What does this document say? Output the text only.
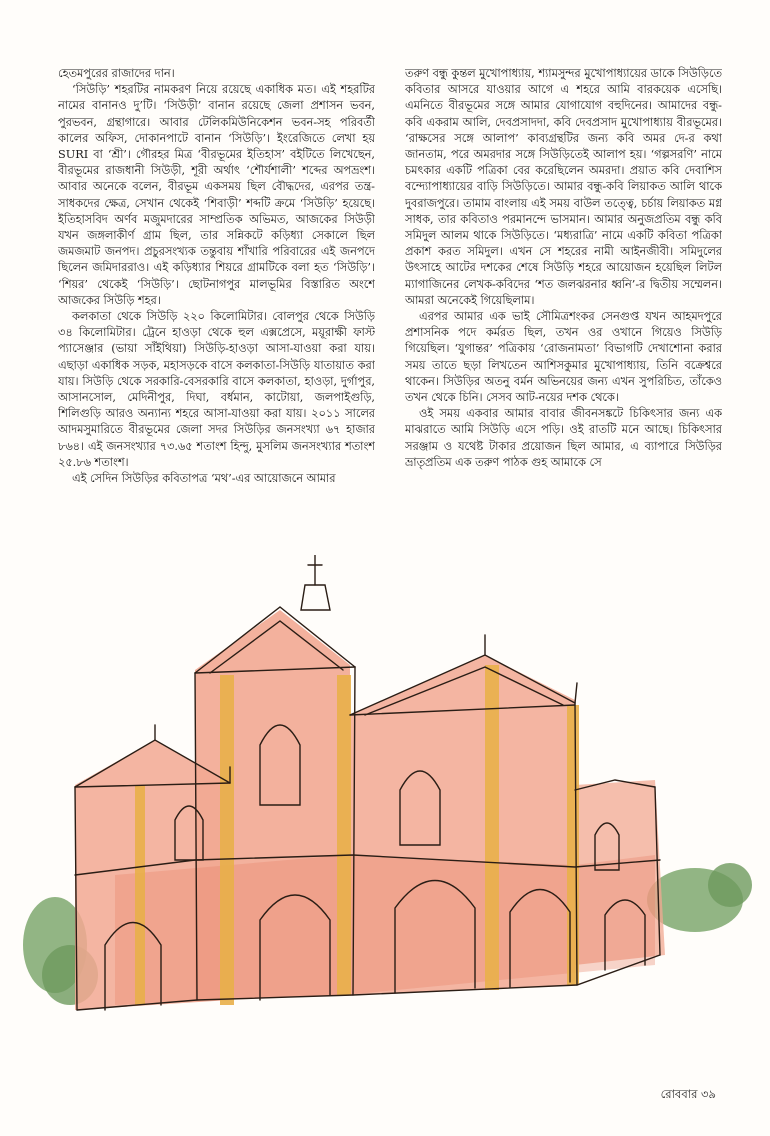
হেতমপুরের রাজাদের দান।

‘সিউড়ি’ শহরটির নামকরণ নিয়ে রয়েছে একাধিক মত। এই শহরটির নামের বানানও দু’টি। ‘সিউড়ী’ বানান রয়েছে জেলা প্রশাসন ভবন, পুরভবন, গ্রন্থাগারে। আবার টেলিকমিউনিকেশন ভবন-সহ পরিবর্তী কালের অফিস, দোকানপাটে বানান ‘সিউড়ি’। ইংরেজিতে লেখা হয় SURI বা ‘শ্রী’। গৌরহর মিত্র ‘বীরভূমের ইতিহাস’ বইটিতে লিখেছেন, বীরভূমের রাজধানী সিউড়ী, শূরী অর্থাৎ ‘শৌর্যশালী’ শব্দের অপভ্রংশ। আবার অনেকে বলেন, বীরভূম একসময় ছিল বৌদ্ধদের, এরপর তন্ত্র-সাধকদের ক্ষেত্র, সেখান থেকেই ‘শিবাড়ী’ শব্দটি ক্রমে ‘সিউড়ি’ হয়েছে। ইতিহাসবিদ অর্ণব মজুমদারের সাম্প্রতিক অভিমত, আজকের সিউড়ী যখন জঙ্গলাকীর্ণ গ্রাম ছিল, তার সন্নিকটে কড়িধ্যা সেকালে ছিল জমজমাট জনপদ। প্রচুরসংখ্যক তন্তুবায় শাঁখারি পরিবারের এই জনপদে ছিলেন জমিদাররাও। এই কড়িধ্যার শিয়রে গ্রামটিকে বলা হত ‘সিউড়ি’। ‘শিয়র’ থেকেই ‘সিউড়ি’। ছোটনাগপুর মালভূমির বিস্তারিত অংশে আজকের সিউড়ি শহর।

কলকাতা থেকে সিউড়ি ২২০ কিলোমিটার। বোলপুর থেকে সিউড়ি ৩৪ কিলোমিটার। ট্রেনে হাওড়া থেকে হুল এক্সপ্রেসে, ময়ূরাক্ষী ফাস্ট প্যাসেঞ্জার (ভায়া সাঁইথিয়া) সিউড়ি-হাওড়া আসা-যাওয়া করা যায়। এছাড়া একাধিক সড়ক, মহাসড়কে বাসে কলকাতা-সিউড়ি যাতায়াত করা যায়। সিউড়ি থেকে সরকারি-বেসরকারি বাসে কলকাতা, হাওড়া, দুর্গাপুর, আসানসোল, মেদিনীপুর, দিঘা, বর্ধমান, কাটোয়া, জলপাইগুড়ি, শিলিগুড়ি আরও অন্যান্য শহরে আসা-যাওয়া করা যায়। ২০১১ সালের আদমসুমারিতে বীরভূমের জেলা সদর সিউড়ির জনসংখ্যা ৬৭ হাজার ৮৬৪। এই জনসংখ্যার ৭৩.৬৫ শতাংশ হিন্দু, মুসলিম জনসংখ্যার শতাংশ ২৫.৮৬ শতাংশ।

এই সেদিন সিউড়ির কবিতাপত্র ‘মথ’-এর আয়োজনে আমার

তরুণ বন্ধু কুন্তল মুখোপাধ্যায়, শ্যামসুন্দর মুখোপাধ্যায়ের ডাকে সিউড়িতে কবিতার আসরে যাওয়ার আগে এ শহরে আমি বারকয়েক এসেছি। এমনিতে বীরভূমের সঙ্গে আমার যোগাযোগ বহুদিনের। আমাদের বন্ধু-কবি একরাম আলি, দেবপ্রসাদদা, কবি দেবপ্রসাদ মুখোপাধ্যায় বীরভূমের। ‘রাক্ষসের সঙ্গে আলাপ’ কাব্যগ্রন্থটির জন্য কবি অমর দে-র কথা জানতাম, পরে অমরদার সঙ্গে সিউড়িতেই আলাপ হয়। ‘গল্পসরণি’ নামে চমৎকার একটি পত্রিকা বের করেছিলেন অমরদা। প্রয়াত কবি দেবাশিস বন্দ্যোপাধ্যায়ের বাড়ি সিউড়িতে। আমার বন্ধু-কবি লিয়াকত আলি থাকে দুবরাজপুরে। তামাম বাংলায় এই সময় বাউল তত্ত্বে, চর্চায় লিয়াকত মগ্ন সাধক, তার কবিতাও পরমানন্দে ভাসমান। আমার অনুজপ্রতিম বন্ধু কবি সমিদুল আলম থাকে সিউড়িতে। ‘মধ্যরাত্রি’ নামে একটি কবিতা পত্রিকা প্রকাশ করত সমিদুল। এখন সে শহরের নামী আইনজীবী। সমিদুলের উৎসাহে আটের দশকের শেষে সিউড়ি শহরে আয়োজন হয়েছিল লিটল ম্যাগাজিনের লেখক-কবিদের ‘শত জলঝরনার ধ্বনি’-র দ্বিতীয় সম্মেলন। আমরা অনেকেই গিয়েছিলাম।

এরপর আমার এক ভাই সৌমিত্রশংকর সেনগুপ্ত যখন আহমদপুরে প্রশাসনিক পদে কর্মরত ছিল, তখন ওর ওখানে গিয়েও সিউড়ি গিয়েছিল। ‘যুগান্তর’ পত্রিকায় ‘রোজনামতা’ বিভাগটি দেখাশোনা করার সময় তাতে ছড়া লিখতেন আশিসকুমার মুখোপাধ্যায়, তিনি বক্রেশ্বরে থাকেন। সিউড়ির অতনু বর্মন অভিনয়ের জন্য এখন সুপরিচিত, তাঁকেও তখন থেকে চিনি। সেসব আট-নয়ের দশক থেকে।

ওই সময় একবার আমার বাবার জীবনসঙ্কটে চিকিৎসার জন্য এক মাঝরাতে আমি সিউড়ি এসে পড়ি। ওই রাতটি মনে আছে। চিকিৎসার সরঞ্জাম ও যথেষ্ট টাকার প্রয়োজন ছিল আমার, এ ব্যাপারে সিউড়ির ভ্রাতৃপ্রতিম এক তরুণ পাঠক গুহ আমাকে সে

রোববার ৩৯
